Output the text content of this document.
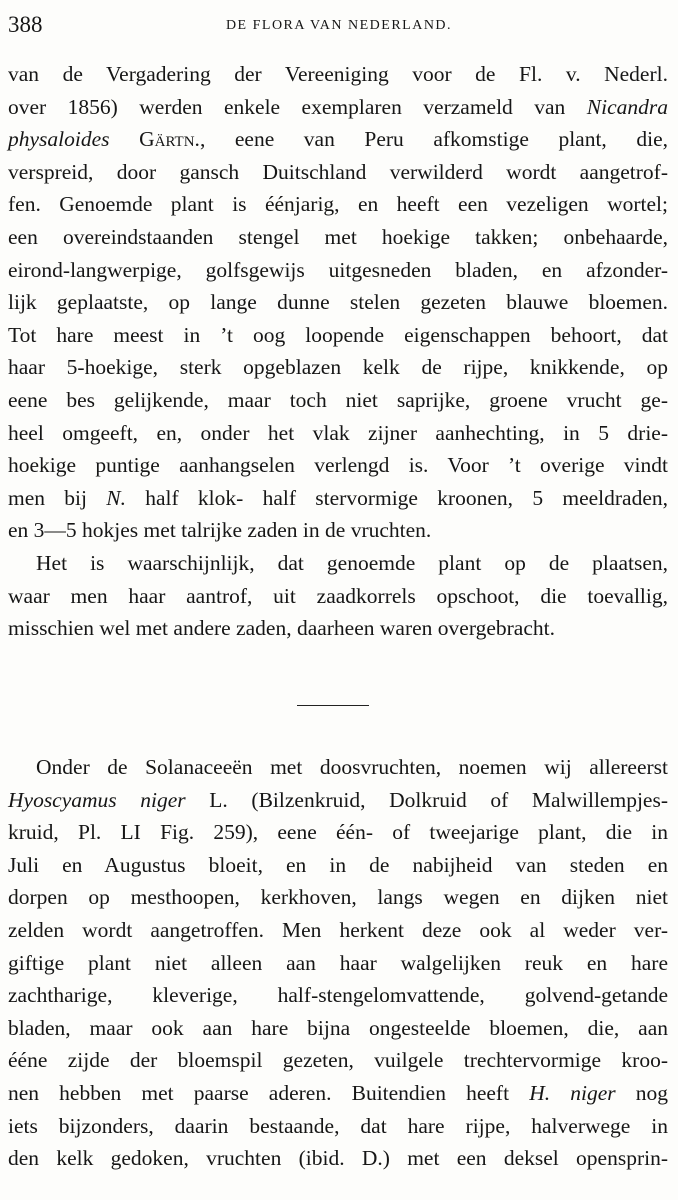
388	DE FLORA VAN NEDERLAND.
van de Vergadering der Vereeniging voor de Fl. v. Nederl.
over 1856) werden enkele exemplaren verzameld van Nicandra
physaloides Gärtn., eene van Peru afkomstige plant, die,
verspreid, door gansch Duitschland verwilderd wordt aangetrof-
fen. Genoemde plant is éénjarig, en heeft een vezeligen wortel;
een overeindstaanden stengel met hoekige takken; onbehaarde,
eirond-langwerpige, golfsgewijs uitgesneden bladen, en afzonder-
lijk geplaatste, op lange dunne stelen gezeten blauwe bloemen.
Tot hare meest in ’t oog loopende eigenschappen behoort, dat
haar 5-hoekige, sterk opgeblazen kelk de rijpe, knikkende, op
eene bes gelijkende, maar toch niet saprijke, groene vrucht ge-
heel omgeeft, en, onder het vlak zijner aanhechting, in 5 drie-
hoekige puntige aanhangselen verlengd is. Voor ’t overige vindt
men bij N. half klok- half stervormige kroonen, 5 meeldraden,
en 3—5 hokjes met talrijke zaden in de vruchten.
Het is waarschijnlijk, dat genoemde plant op de plaatsen,
waar men haar aantrof, uit zaadkorrels opschoot, die toevallig,
misschien wel met andere zaden, daarheen waren overgebracht.
Onder de Solanaceeën met doosvruchten, noemen wij allereerst
Hyoscyamus niger L. (Bilzenkruid, Dolkruid of Malwillempjes-
kruid, Pl. LI Fig. 259), eene één- of tweejarige plant, die in
Juli en Augustus bloeit, en in de nabijheid van steden en
dorpen op mesthoopen, kerkhoven, langs wegen en dijken niet
zelden wordt aangetroffen. Men herkent deze ook al weder ver-
giftige plant niet alleen aan haar walgelijken reuk en hare
zachtharige, kleverige, half-stengelomvattende, golvend-getande
bladen, maar ook aan hare bijna ongesteelde bloemen, die, aan
ééne zijde der bloemspil gezeten, vuilgele trechtervormige kroo-
nen hebben met paarse aderen. Buitendien heeft H. niger nog
iets bijzonders, daarin bestaande, dat hare rijpe, halverwege in
den kelk gedoken, vruchten (ibid. D.) met een deksel opensprin-
